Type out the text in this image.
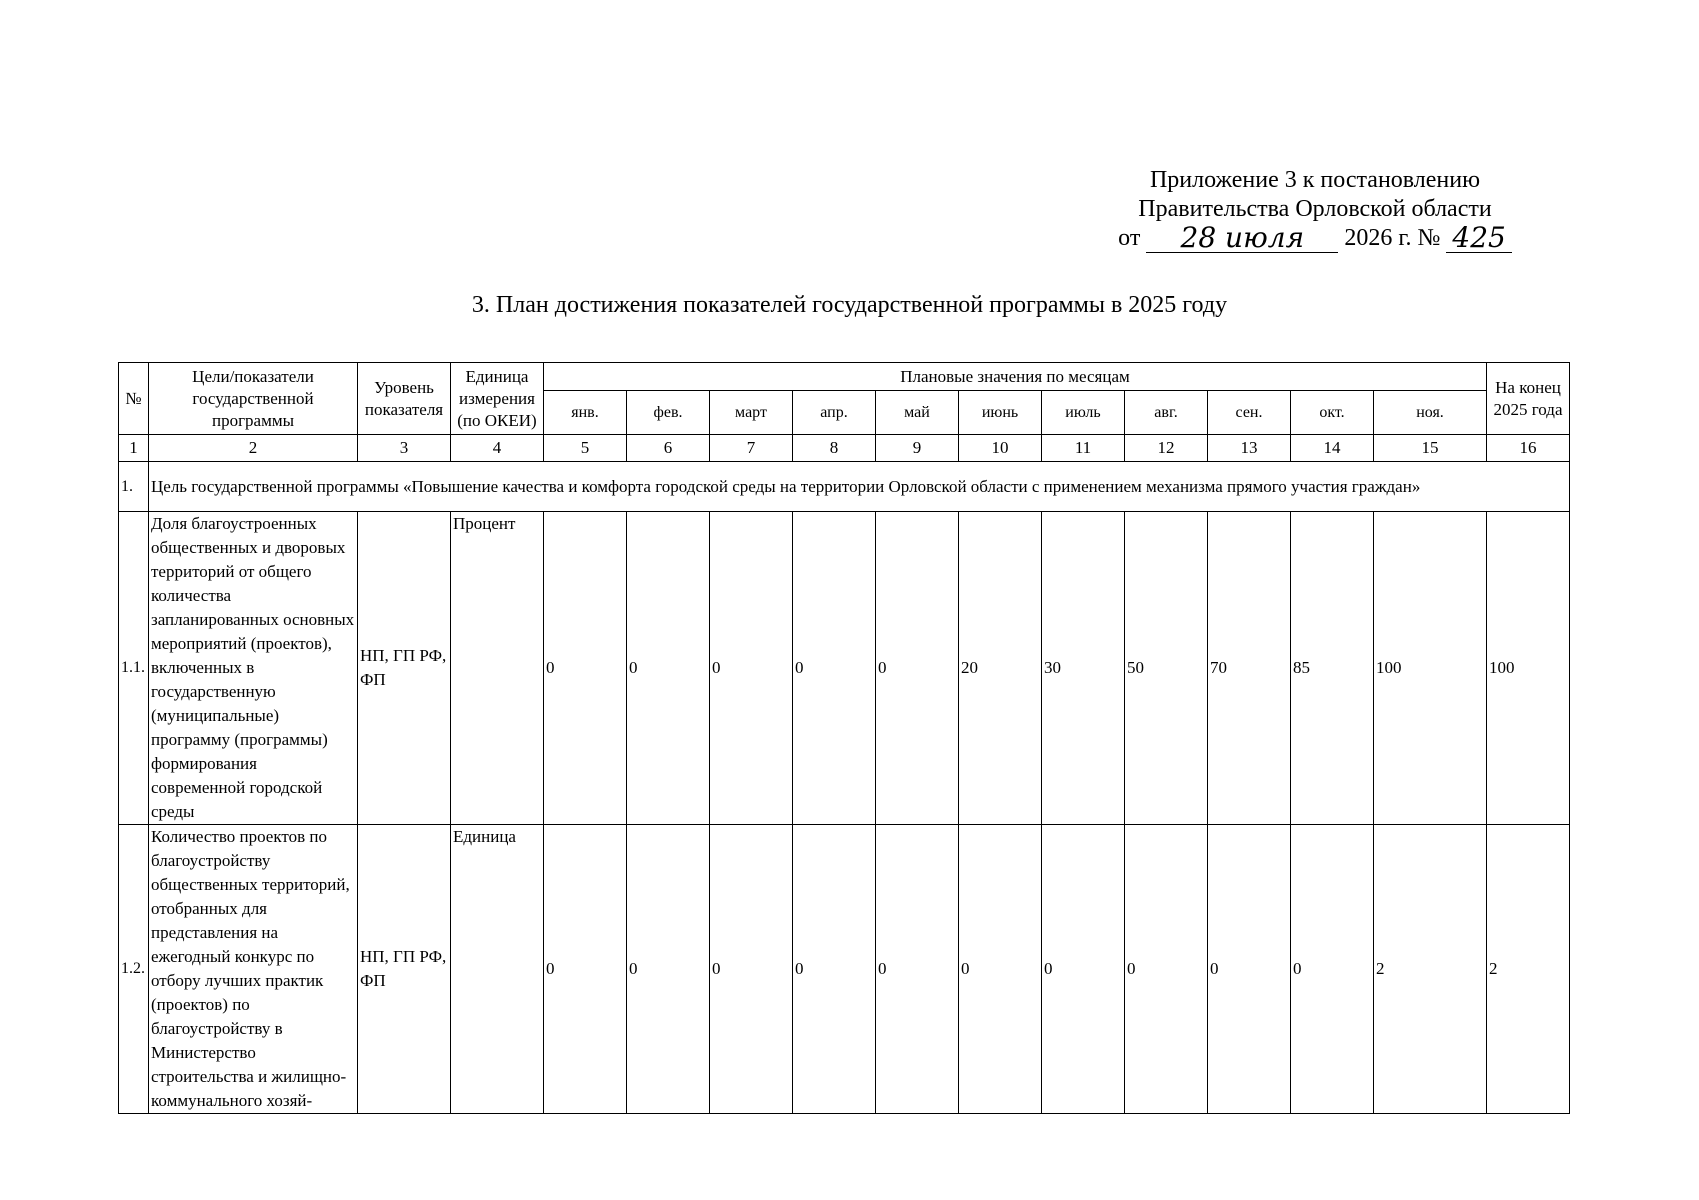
Приложение 3 к постановлению
Правительства Орловской области
от	28 июля	2026 г. № 425
3. План достижения показателей государственной программы в 2025 году
№	Цели/показатели государственной программы	Уровень показателя	Единица измерения (по ОКЕИ)	Плановые значения по месяцам											На конец 2025 года
				янв.	фев.	март	апр.	май	июнь	июль	авг.	сен.	окт.	ноя.	
1	2	3	4	5	6	7	8	9	10	11	12	13	14	15	16
1.	Цель государственной программы «Повышение качества и комфорта городской среды на территории Орловской области с применением механизма прямого участия граждан»														
1.1.	Доля благоустроенных общественных и дворовых территорий от общего количества запланированных основных мероприятий (проектов), включенных в государственную (муниципальные) программу (программы) формирования современной городской среды	НП, ГП РФ, ФП	Процент	0	0	0	0	0	20	30	50	70	85	100	100
1.2.	Количество проектов по благоустройству общественных территорий, отобранных для представления на ежегодный конкурс по отбору лучших практик (проектов) по благоустройству в Министерство строительства и жилищно-коммунального хозяй-	НП, ГП РФ, ФП	Единица	0	0	0	0	0	0	0	0	0	0	2	2
